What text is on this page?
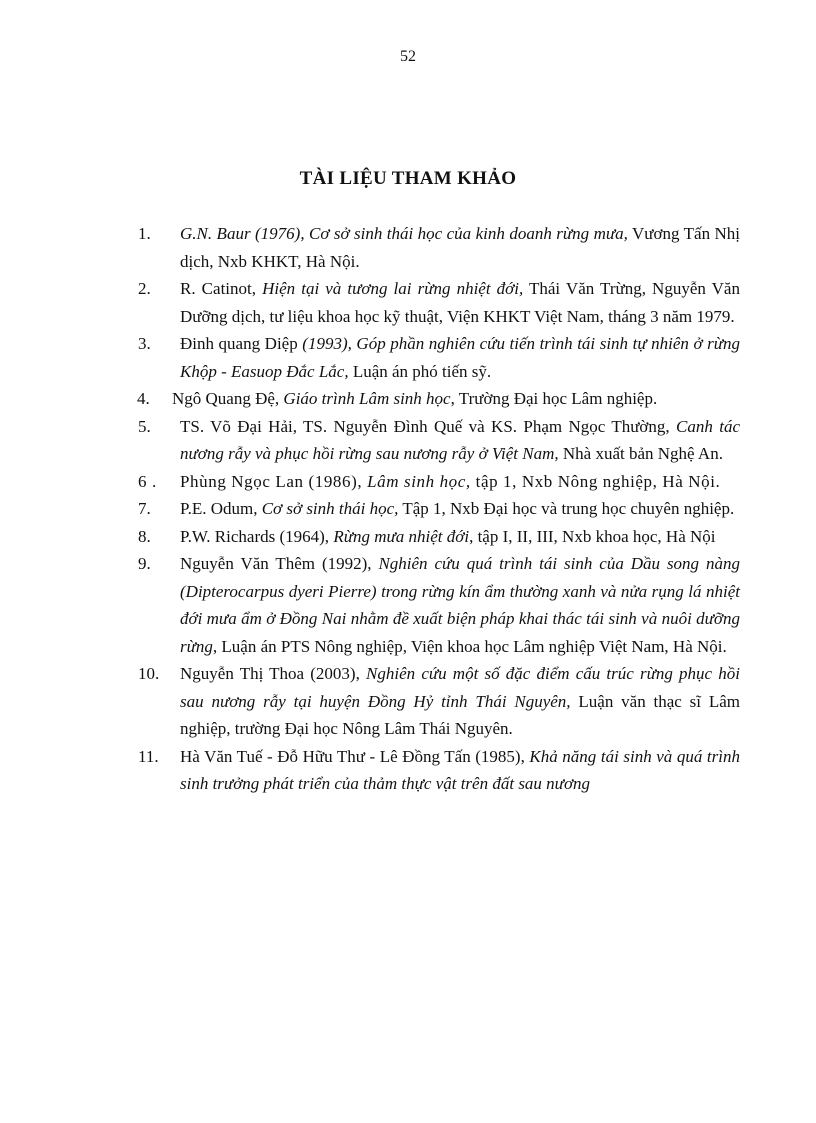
52
TÀI LIỆU THAM KHẢO
1. G.N. Baur (1976), Cơ sở sinh thái học của kinh doanh rừng mưa, Vương Tấn Nhị dịch, Nxb KHKT, Hà Nội.
2. R. Catinot, Hiện tại và tương lai rừng nhiệt đới, Thái Văn Trừng, Nguyễn Văn Dưỡng dịch, tư liệu khoa học kỹ thuật, Viện KHKT Việt Nam, tháng 3 năm 1979.
3. Đinh quang Diệp (1993), Góp phần nghiên cứu tiến trình tái sinh tự nhiên ở rừng Khộp - Easuop Đắc Lắc, Luận án phó tiến sỹ.
4. Ngô Quang Đệ, Giáo trình Lâm sinh học, Trường Đại học Lâm nghiệp.
5. TS. Võ Đại Hải, TS. Nguyễn Đình Quế và KS. Phạm Ngọc Thường, Canh tác nương rẫy và phục hồi rừng sau nương rẫy ở Việt Nam, Nhà xuất bản Nghệ An.
6 . Phùng Ngọc Lan (1986), Lâm sinh học, tập 1, Nxb Nông nghiệp, Hà Nội.
7. P.E. Odum, Cơ sở sinh thái học, Tập 1, Nxb Đại học và trung học chuyên nghiệp.
8. P.W. Richards (1964), Rừng mưa nhiệt đới, tập I, II, III, Nxb khoa học, Hà Nội
9. Nguyễn Văn Thêm (1992), Nghiên cứu quá trình tái sinh của Dầu song nàng (Dipterocarpus dyeri Pierre) trong rừng kín ẩm thường xanh và nửa rụng lá nhiệt đới mưa ẩm ở Đồng Nai nhằm đề xuất biện pháp khai thác tái sinh và nuôi dưỡng rừng, Luận án PTS Nông nghiệp, Viện khoa học Lâm nghiệp Việt Nam, Hà Nội.
10. Nguyễn Thị Thoa (2003), Nghiên cứu một số đặc điểm cấu trúc rừng phục hồi sau nương rẫy tại huyện Đồng Hỷ tỉnh Thái Nguyên, Luận văn thạc sĩ Lâm nghiệp, trường Đại học Nông Lâm Thái Nguyên.
11. Hà Văn Tuế - Đỗ Hữu Thư - Lê Đồng Tấn (1985), Khả năng tái sinh và quá trình sinh trưởng phát triển của thảm thực vật trên đất sau nương
